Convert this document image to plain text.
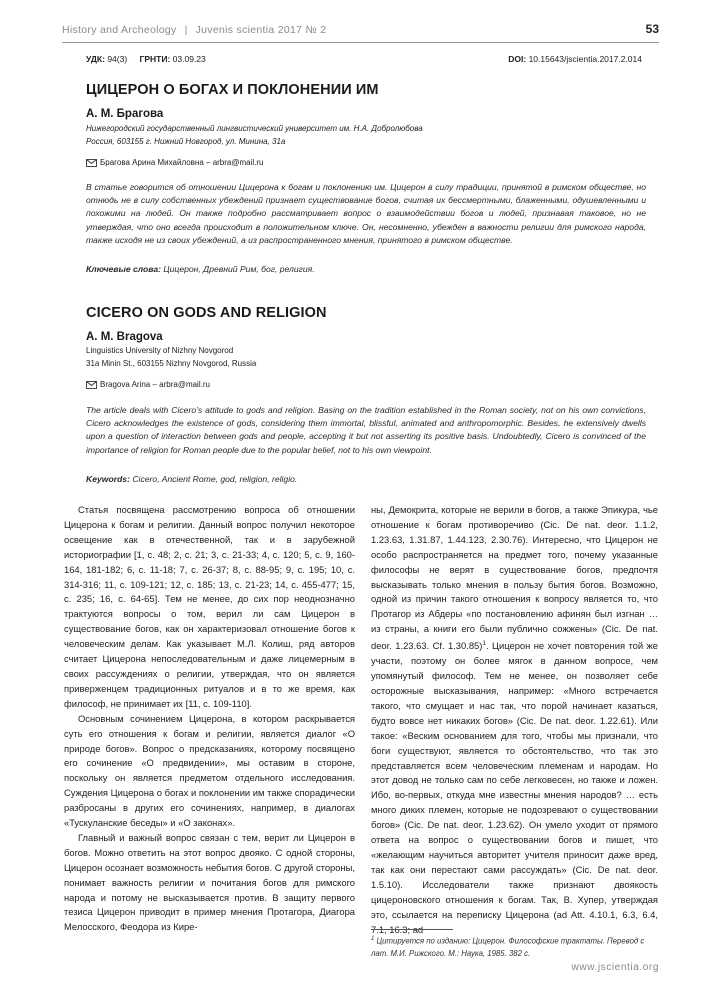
History and Archeology | Juvenis scientia 2017 № 2	53
УДК: 94(3) ГРНТИ: 03.09.23	DOI: 10.15643/jscientia.2017.2.014
ЦИЦЕРОН О БОГАХ И ПОКЛОНЕНИИ ИМ
А. М. Брагова
Нижегородский государственный лингвистический университет им. Н.А. Добролюбова
Россия, 603155 г. Нижний Новгород, ул. Минина, 31а
Брагова Арина Михайловна – arbra@mail.ru
В статье говорится об отношении Цицерона к богам и поклонению им. Цицерон в силу традиции, принятой в римском обществе, но отнюдь не в силу собственных убеждений признает существование богов, считая их бессмертными, блаженными, одушевленными и похожими на людей. Он также подробно рассматривает вопрос о взаимодействии богов и людей, признавая таковое, но не утверждая, что оно всегда происходит в положительном ключе. Он, несомненно, убежден в важности религии для римского народа, также исходя не из своих убеждений, а из распространенного мнения, принятого в римском обществе.
Ключевые слова: Цицерон, Древний Рим, бог, религия.
CICERO ON GODS AND RELIGION
A. M. Bragova
Linguistics University of Nizhny Novgorod
31a Minin St., 603155 Nizhny Novgorod, Russia
Bragova Arina – arbra@mail.ru
The article deals with Cicero’s attitude to gods and religion. Basing on the tradition established in the Roman society, not on his own convictions, Cicero acknowledges the existence of gods, considering them immortal, blissful, animated and anthropomorphic. Besides, he extensively dwells upon a question of interaction between gods and people, accepting it but not asserting its positive basis. Undoubtedly, Cicero is convinced of the importance of religion for Roman people due to the popular belief, not to his own viewpoint.
Keywords: Cicero, Ancient Rome, god, religion, religio.

Статья посвящена рассмотрению вопроса об отношении Цицерона к богам и религии. Данный вопрос получил некоторое освещение как в отечественной, так и в зарубежной историографии [1, с. 48; 2, с. 21; 3, с. 21-33; 4, с. 120; 5, с. 9, 160-164, 181-182; 6, с. 11-18; 7, с. 26-37; 8, с. 88-95; 9, с. 195; 10, с. 314-316; 11, с. 109-121; 12, с. 185; 13, с. 21-23; 14, с. 455-477; 15, с. 235; 16, с. 64-65]. Тем не менее, до сих пор неоднозначно трактуются вопросы о том, верил ли сам Цицерон в существование богов, как он характеризовал отношение богов к человеческим делам. Как указывает М.Л. Колиш, ряд авторов считает Цицерона непоследовательным и даже лицемерным в своих рассуждениях о религии, утверждая, что он является приверженцем традиционных ритуалов и в то же время, как философ, не принимает их [11, с. 109-110].

Основным сочинением Цицерона, в котором раскрывается суть его отношения к богам и религии, является диалог «О природе богов». Вопрос о предсказаниях, которому посвящено его сочинение «О предвидении», мы оставим в стороне, поскольку он является предметом отдельного исследования. Суждения Цицерона о богах и поклонении им также спорадически разбросаны в других его сочинениях, например, в диалогах «Тускуланские беседы» и «О законах».

Главный и важный вопрос связан с тем, верит ли Цицерон в богов. Можно ответить на этот вопрос двояко. С одной стороны, Цицерон осознает возможность небытия богов. С другой стороны, понимает важность религии и почитания богов для римского народа и потому не высказывается против. В защиту первого тезиса Цицерон приводит в пример мнения Протагора, Диагора Мелосского, Феодора из Кире-

ны, Демокрита, которые не верили в богов, а также Эпикура, чье отношение к богам противоречиво (Cic. De nat. deor. 1.1.2, 1.23.63, 1.31.87, 1.44.123, 2.30.76). Интересно, что Цицерон не особо распространяется на предмет того, почему указанные философы не верят в существование богов, предпочтя высказывать только мнения в пользу бытия богов. Возможно, одной из причин такого отношения к вопросу является то, что Протагор из Абдеры «по постановлению афинян был изгнан … из страны, а книги его были публично сожжены» (Cic. De nat. deor. 1.23.63. Cf. 1.30.85)$^1$. Цицерон не хочет повторения той же участи, поэтому он более мягок в данном вопросе, чем упомянутый философ. Тем не менее, он позволяет себе осторожные высказывания, например: «Много встречается такого, что смущает и нас так, что порой начинает казаться, будто вовсе нет никаких богов» (Cic. De nat. deor. 1.22.61). Или такое: «Веским основанием для того, чтобы мы признали, что боги существуют, является то обстоятельство, что так это представляется всем человеческим племенам и народам. Но этот довод не только сам по себе легковесен, но также и ложен. Ибо, во-первых, откуда мне известны мнения народов? … есть много диких племен, которые не подозревают о существовании богов» (Cic. De nat. deor. 1.23.62). Он умело уходит от прямого ответа на вопрос о существовании богов и пишет, что «желающим научиться авторитет учителя приносит даже вред, так как они перестают сами рассуждать» (Cic. De nat. deor. 1.5.10). Исследователи также признают двоякость цицероновского отношения к богам. Так, В. Хупер, утверждая это, ссылается на переписку Цицерона (ad Att. 4.10.1, 6.3, 6.4, 7.1, 16.3; ad

$^1$ Цитируется по изданию: Цицерон. Философские трактаты. Перевод с лат. М.И. Рижского. М.: Наука, 1985. 382 с.
www.jscientia.org
